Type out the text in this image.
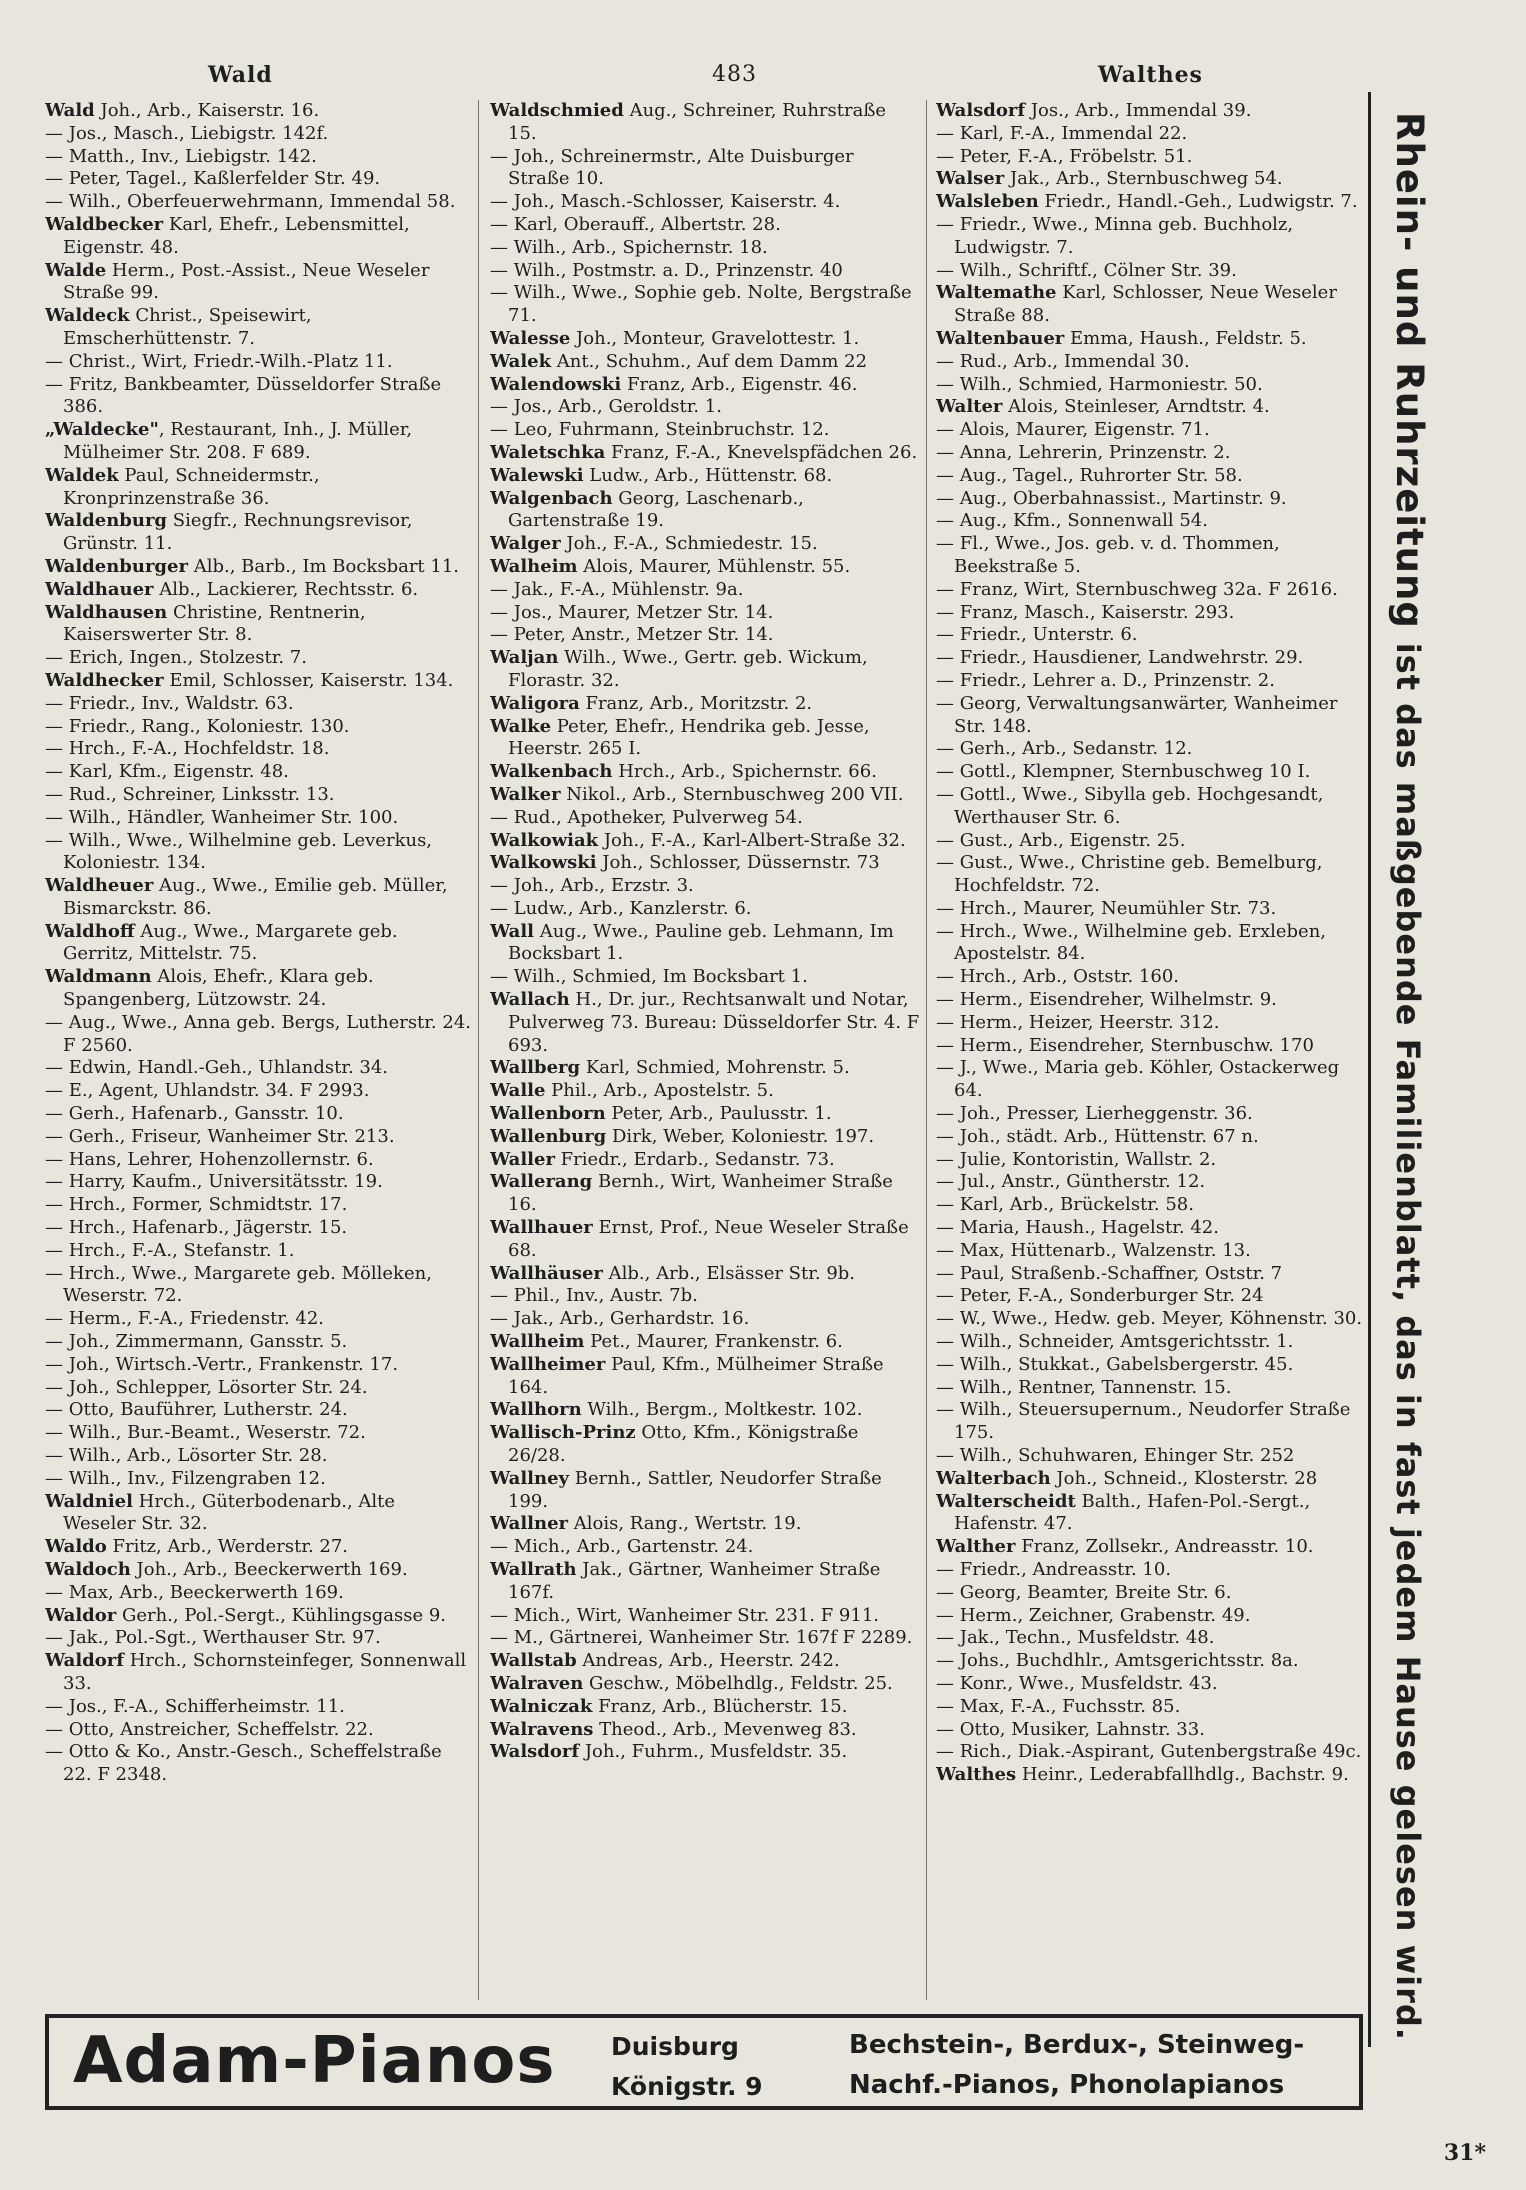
Wald	483	Walthes
Wald Joh., Arb., Kaiserstr. 16.
— Jos., Masch., Liebigstr. 142f.
— Matth., Inv., Liebigstr. 142.
— Peter, Tagel., Kaßlerfelder Str. 49.
— Wilh., Oberfeuerwehrmann, Immendal 58.
Waldbecker Karl, Ehefr., Lebensmittel, Eigenstr. 48.
Walde Herm., Post.-Assist., Neue Weseler Straße 99.
Waldeck Christ., Speisewirt, Emscherhüttenstr. 7.
— Christ., Wirt, Friedr.-Wilh.-Platz 11.
— Fritz, Bankbeamter, Düsseldorfer Straße 386.
„Waldecke", Restaurant, Inh., J. Müller, Mülheimer Str. 208. F 689.
Waldek Paul, Schneidermstr., Kronprinzenstraße 36.
Waldenburg Siegfr., Rechnungsrevisor, Grünstr. 11.
Waldenburger Alb., Barb., Im Bocksbart 11.
Waldhauer Alb., Lackierer, Rechtsstr. 6.
Waldhausen Christine, Rentnerin, Kaiserswerter Str. 8.
— Erich, Ingen., Stolzestr. 7.
Waldhecker Emil, Schlosser, Kaiserstr. 134.
— Friedr., Inv., Waldstr. 63.
— Friedr., Rang., Koloniestr. 130.
— Hrch., F.-A., Hochfeldstr. 18.
— Karl, Kfm., Eigenstr. 48.
— Rud., Schreiner, Linksstr. 13.
— Wilh., Händler, Wanheimer Str. 100.
— Wilh., Wwe., Wilhelmine geb. Leverkus, Koloniestr. 134.
Waldheuer Aug., Wwe., Emilie geb. Müller, Bismarckstr. 86.
Waldhoff Aug., Wwe., Margarete geb. Gerritz, Mittelstr. 75.
Waldmann Alois, Ehefr., Klara geb. Spangenberg, Lützowstr. 24.
— Aug., Wwe., Anna geb. Bergs, Lutherstr. 24. F 2560.
— Edwin, Handl.-Geh., Uhlandstr. 34.
— E., Agent, Uhlandstr. 34. F 2993.
— Gerh., Hafenarb., Gansstr. 10.
— Gerh., Friseur, Wanheimer Str. 213.
— Hans, Lehrer, Hohenzollernstr. 6.
— Harry, Kaufm., Universitätsstr. 19.
— Hrch., Former, Schmidtstr. 17.
— Hrch., Hafenarb., Jägerstr. 15.
— Hrch., F.-A., Stefanstr. 1.
— Hrch., Wwe., Margarete geb. Mölleken, Weserstr. 72.
— Herm., F.-A., Friedenstr. 42.
— Joh., Zimmermann, Gansstr. 5.
— Joh., Wirtsch.-Vertr., Frankenstr. 17.
— Joh., Schlepper, Lösorter Str. 24.
— Otto, Bauführer, Lutherstr. 24.
— Wilh., Bur.-Beamt., Weserstr. 72.
— Wilh., Arb., Lösorter Str. 28.
— Wilh., Inv., Filzengraben 12.
Waldniel Hrch., Güterbodenarb., Alte Weseler Str. 32.
Waldo Fritz, Arb., Werderstr. 27.
Waldoch Joh., Arb., Beeckerwerth 169.
— Max, Arb., Beeckerwerth 169.
Waldor Gerh., Pol.-Sergt., Kühlingsgasse 9.
— Jak., Pol.-Sgt., Werthauser Str. 97.
Waldorf Hrch., Schornsteinfeger, Sonnenwall 33.
— Jos., F.-A., Schifferheimstr. 11.
— Otto, Anstreicher, Scheffelstr. 22.
— Otto & Ko., Anstr.-Gesch., Scheffelstraße 22. F 2348.
Waldschmied Aug., Schreiner, Ruhrstraße 15.
— Joh., Schreinermstr., Alte Duisburger Straße 10.
— Joh., Masch.-Schlosser, Kaiserstr. 4.
— Karl, Oberauff., Albertstr. 28.
— Wilh., Arb., Spichernstr. 18.
— Wilh., Postmstr. a. D., Prinzenstr. 40
— Wilh., Wwe., Sophie geb. Nolte, Bergstraße 71.
Walesse Joh., Monteur, Gravelottestr. 1.
Walek Ant., Schuhm., Auf dem Damm 22
Walendowski Franz, Arb., Eigenstr. 46.
— Jos., Arb., Geroldstr. 1.
— Leo, Fuhrmann, Steinbruchstr. 12.
Waletschka Franz, F.-A., Knevelspfädchen 26.
Walewski Ludw., Arb., Hüttenstr. 68.
Walgenbach Georg, Laschenarb., Gartenstraße 19.
Walger Joh., F.-A., Schmiedestr. 15.
Walheim Alois, Maurer, Mühlenstr. 55.
— Jak., F.-A., Mühlenstr. 9a.
— Jos., Maurer, Metzer Str. 14.
— Peter, Anstr., Metzer Str. 14.
Waljan Wilh., Wwe., Gertr. geb. Wickum, Florastr. 32.
Waligora Franz, Arb., Moritzstr. 2.
Walke Peter, Ehefr., Hendrika geb. Jesse, Heerstr. 265 I.
Walkenbach Hrch., Arb., Spichernstr. 66.
Walker Nikol., Arb., Sternbuschweg 200 VII.
— Rud., Apotheker, Pulverweg 54.
Walkowiak Joh., F.-A., Karl-Albert-Straße 32.
Walkowski Joh., Schlosser, Düssernstr. 73
— Joh., Arb., Erzstr. 3.
— Ludw., Arb., Kanzlerstr. 6.
Wall Aug., Wwe., Pauline geb. Lehmann, Im Bocksbart 1.
— Wilh., Schmied, Im Bocksbart 1.
Wallach H., Dr. jur., Rechtsanwalt und Notar, Pulverweg 73. Bureau: Düsseldorfer Str. 4. F 693.
Wallberg Karl, Schmied, Mohrenstr. 5.
Walle Phil., Arb., Apostelstr. 5.
Wallenborn Peter, Arb., Paulusstr. 1.
Wallenburg Dirk, Weber, Koloniestr. 197.
Waller Friedr., Erdarb., Sedanstr. 73.
Wallerang Bernh., Wirt, Wanheimer Straße 16.
Wallhauer Ernst, Prof., Neue Weseler Straße 68.
Wallhäuser Alb., Arb., Elsässer Str. 9b.
— Phil., Inv., Austr. 7b.
— Jak., Arb., Gerhardstr. 16.
Wallheim Pet., Maurer, Frankenstr. 6.
Wallheimer Paul, Kfm., Mülheimer Straße 164.
Wallhorn Wilh., Bergm., Moltkestr. 102.
Wallisch-Prinz Otto, Kfm., Königstraße 26/28.
Wallney Bernh., Sattler, Neudorfer Straße 199.
Wallner Alois, Rang., Wertstr. 19.
— Mich., Arb., Gartenstr. 24.
Wallrath Jak., Gärtner, Wanheimer Straße 167f.
— Mich., Wirt, Wanheimer Str. 231. F 911.
— M., Gärtnerei, Wanheimer Str. 167f F 2289.
Wallstab Andreas, Arb., Heerstr. 242.
Walraven Geschw., Möbelhdlg., Feldstr. 25.
Walniczak Franz, Arb., Blücherstr. 15.
Walravens Theod., Arb., Mevenweg 83.
Walsdorf Joh., Fuhrm., Musfeldstr. 35.
Walsdorf Jos., Arb., Immendal 39.
— Karl, F.-A., Immendal 22.
— Peter, F.-A., Fröbelstr. 51.
Walser Jak., Arb., Sternbuschweg 54.
Walsleben Friedr., Handl.-Geh., Ludwigstr. 7.
— Friedr., Wwe., Minna geb. Buchholz, Ludwigstr. 7.
— Wilh., Schriftf., Cölner Str. 39.
Waltemathe Karl, Schlosser, Neue Weseler Straße 88.
Waltenbauer Emma, Haush., Feldstr. 5.
— Rud., Arb., Immendal 30.
— Wilh., Schmied, Harmoniestr. 50.
Walter Alois, Steinleser, Arndtstr. 4.
— Alois, Maurer, Eigenstr. 71.
— Anna, Lehrerin, Prinzenstr. 2.
— Aug., Tagel., Ruhrorter Str. 58.
— Aug., Oberbahnassist., Martinstr. 9.
— Aug., Kfm., Sonnenwall 54.
— Fl., Wwe., Jos. geb. v. d. Thommen, Beekstraße 5.
— Franz, Wirt, Sternbuschweg 32a. F 2616.
— Franz, Masch., Kaiserstr. 293.
— Friedr., Unterstr. 6.
— Friedr., Hausdiener, Landwehrstr. 29.
— Friedr., Lehrer a. D., Prinzenstr. 2.
— Georg, Verwaltungsanwärter, Wanheimer Str. 148.
— Gerh., Arb., Sedanstr. 12.
— Gottl., Klempner, Sternbuschweg 10 I.
— Gottl., Wwe., Sibylla geb. Hochgesandt, Werthauser Str. 6.
— Gust., Arb., Eigenstr. 25.
— Gust., Wwe., Christine geb. Bemelburg, Hochfeldstr. 72.
— Hrch., Maurer, Neumühler Str. 73.
— Hrch., Wwe., Wilhelmine geb. Erxleben, Apostelstr. 84.
— Hrch., Arb., Oststr. 160.
— Herm., Eisendreher, Wilhelmstr. 9.
— Herm., Heizer, Heerstr. 312.
— Herm., Eisendreher, Sternbuschw. 170
— J., Wwe., Maria geb. Köhler, Ostackerweg 64.
— Joh., Presser, Lierheggenstr. 36.
— Joh., städt. Arb., Hüttenstr. 67 n.
— Julie, Kontoristin, Wallstr. 2.
— Jul., Anstr., Güntherstr. 12.
— Karl, Arb., Brückelstr. 58.
— Maria, Haush., Hagelstr. 42.
— Max, Hüttenarb., Walzenstr. 13.
— Paul, Straßenb.-Schaffner, Oststr. 7
— Peter, F.-A., Sonderburger Str. 24
— W., Wwe., Hedw. geb. Meyer, Köhnenstr. 30.
— Wilh., Schneider, Amtsgerichtsstr. 1.
— Wilh., Stukkat., Gabelsbergerstr. 45.
— Wilh., Rentner, Tannenstr. 15.
— Wilh., Steuersupernum., Neudorfer Straße 175.
— Wilh., Schuhwaren, Ehinger Str. 252
Walterbach Joh., Schneid., Klosterstr. 28
Walterscheidt Balth., Hafen-Pol.-Sergt., Hafenstr. 47.
Walther Franz, Zollsekr., Andreasstr. 10.
— Friedr., Andreasstr. 10.
— Georg, Beamter, Breite Str. 6.
— Herm., Zeichner, Grabenstr. 49.
— Jak., Techn., Musfeldstr. 48.
— Johs., Buchdhlr., Amtsgerichtsstr. 8a.
— Konr., Wwe., Musfeldstr. 43.
— Max, F.-A., Fuchsstr. 85.
— Otto, Musiker, Lahnstr. 33.
— Rich., Diak.-Aspirant, Gutenbergstraße 49c.
Walthes Heinr., Lederabfallhdlg., Bachstr. 9.
Rhein- und Ruhrzeitung ist das maßgebende Familienblatt, das in fast jedem Hause gelesen wird.
Adam-Pianos Duisburg
Königstr. 9
Bechstein-, Berdux-, Steinweg-
Nachf.-Pianos, Phonolapianos
31*
